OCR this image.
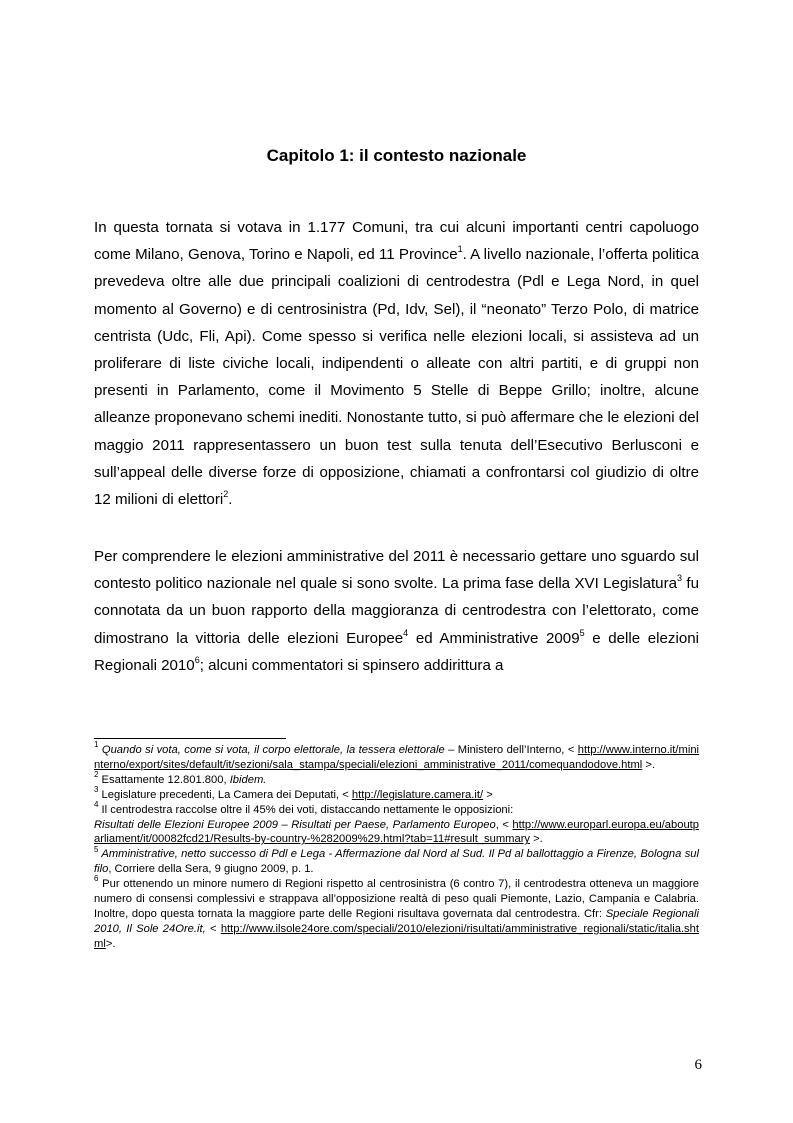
Capitolo 1: il contesto nazionale

In questa tornata si votava in 1.177 Comuni, tra cui alcuni importanti centri capoluogo come Milano, Genova, Torino e Napoli, ed 11 Province$^1$. A livello nazionale, l’offerta politica prevedeva oltre alle due principali coalizioni di centrodestra (Pdl e Lega Nord, in quel momento al Governo) e di centrosinistra (Pd, Idv, Sel), il “neonato” Terzo Polo, di matrice centrista (Udc, Fli, Api). Come spesso si verifica nelle elezioni locali, si assisteva ad un proliferare di liste civiche locali, indipendenti o alleate con altri partiti, e di gruppi non presenti in Parlamento, come il Movimento 5 Stelle di Beppe Grillo; inoltre, alcune alleanze proponevano schemi inediti. Nonostante tutto, si può affermare che le elezioni del maggio 2011 rappresentassero un buon test sulla tenuta dell’Esecutivo Berlusconi e sull’appeal delle diverse forze di opposizione, chiamati a confrontarsi col giudizio di oltre 12 milioni di elettori$^2$.

Per comprendere le elezioni amministrative del 2011 è necessario gettare uno sguardo sul contesto politico nazionale nel quale si sono svolte. La prima fase della XVI Legislatura$^3$ fu connotata da un buon rapporto della maggioranza di centrodestra con l’elettorato, come dimostrano la vittoria delle elezioni Europee$^4$ ed Amministrative 2009$^5$ e delle elezioni Regionali 2010$^6$; alcuni commentatori si spinsero addirittura a

$^1$ Quando si vota, come si vota, il corpo elettorale, la tessera elettorale – Ministero dell’Interno, < http://www.interno.it/mininterno/export/sites/default/it/sezioni/sala_stampa/speciali/elezioni_amministrative_2011/comequandodove.html >.

$^2$ Esattamente 12.801.800, Ibidem.

$^3$ Legislature precedenti, La Camera dei Deputati, < http://legislature.camera.it/ >

$^4$ Il centrodestra raccolse oltre il 45% dei voti, distaccando nettamente le opposizioni:
Risultati delle Elezioni Europee 2009 – Risultati per Paese, Parlamento Europeo, < http://www.europarl.europa.eu/aboutparliament/it/00082fcd21/Results-by-country-%282009%29.html?tab=11#result_summary >.

$^5$ Amministrative, netto successo di Pdl e Lega - Affermazione dal Nord al Sud. Il Pd al ballottaggio a Firenze, Bologna sul filo, Corriere della Sera, 9 giugno 2009, p. 1.

$^6$ Pur ottenendo un minore numero di Regioni rispetto al centrosinistra (6 contro 7), il centrodestra otteneva un maggiore numero di consensi complessivi e strappava all’opposizione realtà di peso quali Piemonte, Lazio, Campania e Calabria. Inoltre, dopo questa tornata la maggiore parte delle Regioni risultava governata dal centrodestra. Cfr: Speciale Regionali 2010, Il Sole 24Ore.it, < http://www.ilsole24ore.com/speciali/2010/elezioni/risultati/amministrative_regionali/static/italia.shtml>.

6
